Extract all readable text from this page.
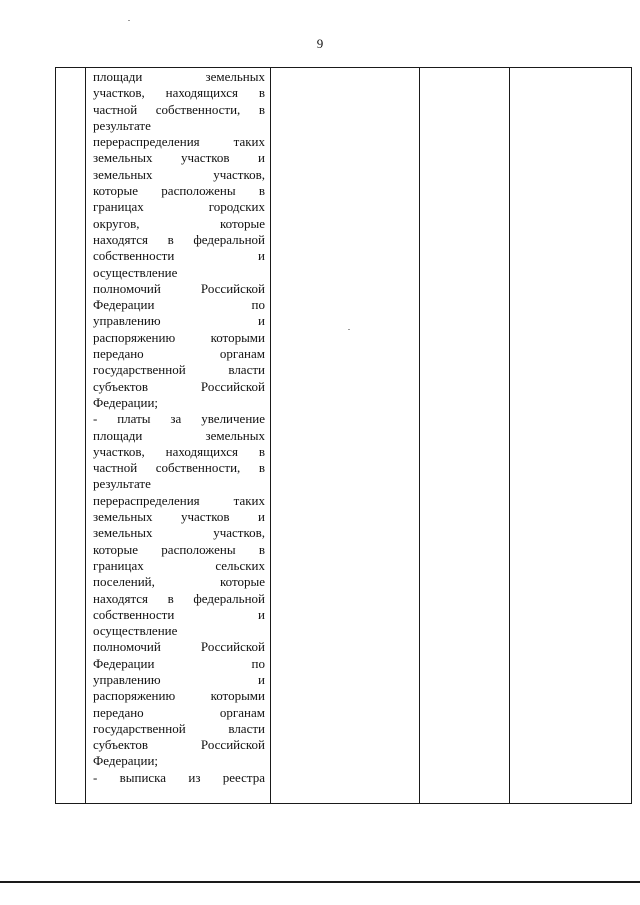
9
площади земельных
участков, находящихся в
частной собственности, в
результате
перераспределения таких
земельных участков и
земельных участков,
которые расположены в
границах городских
округов, которые
находятся в федеральной
собственности и
осуществление
полномочий Российской
Федерации по
управлению и
распоряжению которыми
передано органам
государственной власти
субъектов Российской
Федерации;
- платы за увеличение
площади земельных
участков, находящихся в
частной собственности, в
результате
перераспределения таких
земельных участков и
земельных участков,
которые расположены в
границах сельских
поселений, которые
находятся в федеральной
собственности и
осуществление
полномочий Российской
Федерации по
управлению и
распоряжению которыми
передано органам
государственной власти
субъектов Российской
Федерации;
- выписка из реестра
